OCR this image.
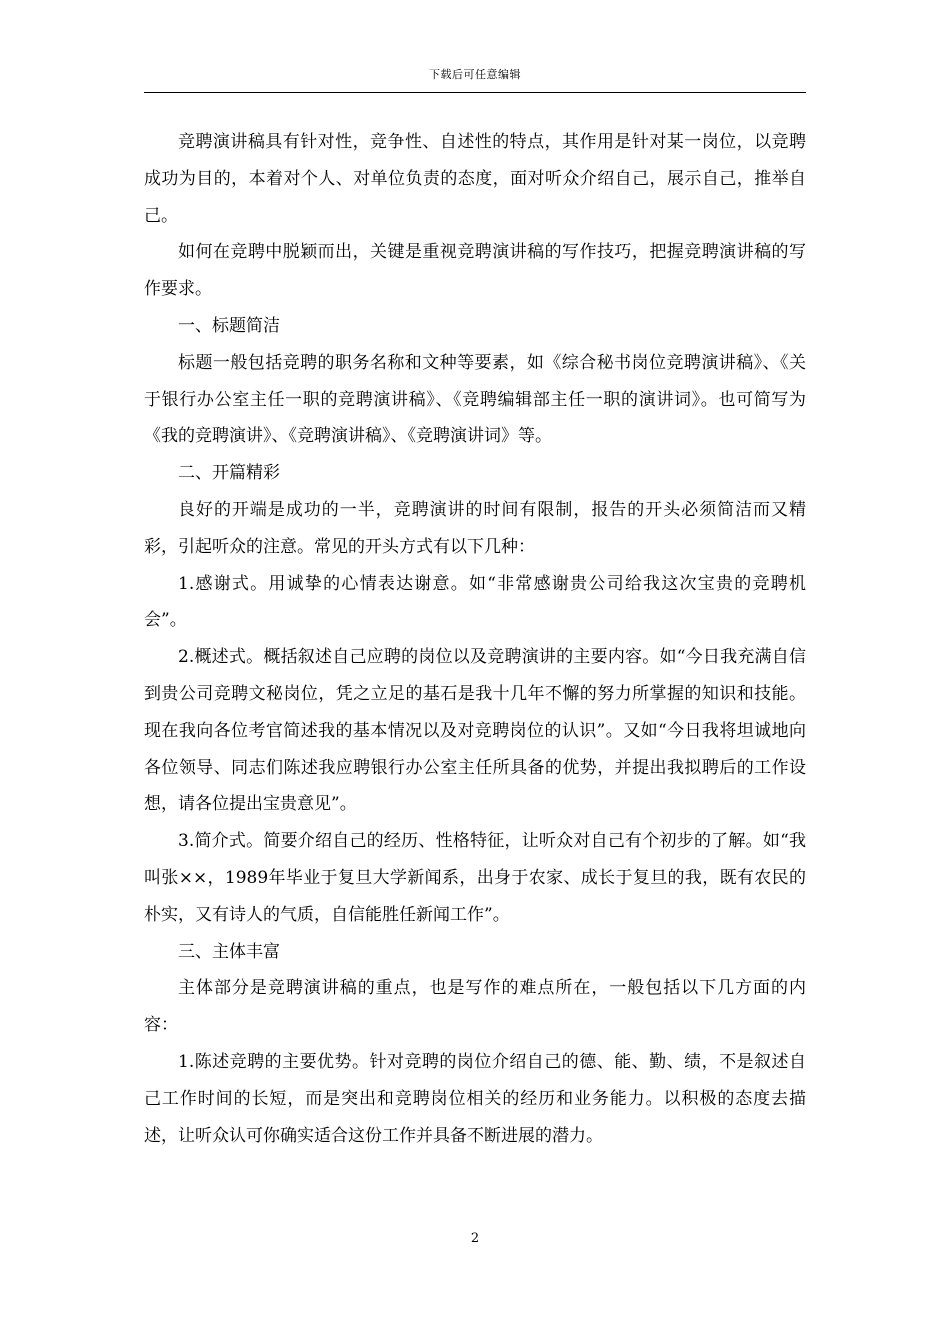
下载后可任意编辑

竞聘演讲稿具有针对性，竞争性、自述性的特点，其作用是针对某一岗位，以竞聘成功为目的，本着对个人、对单位负责的态度，面对听众介绍自己，展示自己，推举自己。

如何在竞聘中脱颖而出，关键是重视竞聘演讲稿的写作技巧，把握竞聘演讲稿的写作要求。

一、标题简洁

标题一般包括竞聘的职务名称和文种等要素，如《综合秘书岗位竞聘演讲稿》、《关于银行办公室主任一职的竞聘演讲稿》、《竞聘编辑部主任一职的演讲词》。也可简写为《我的竞聘演讲》、《竞聘演讲稿》、《竞聘演讲词》等。

二、开篇精彩

良好的开端是成功的一半，竞聘演讲的时间有限制，报告的开头必须简洁而又精彩，引起听众的注意。常见的开头方式有以下几种：

1.感谢式。用诚挚的心情表达谢意。如“非常感谢贵公司给我这次宝贵的竞聘机会”。

2.概述式。概括叙述自己应聘的岗位以及竞聘演讲的主要内容。如“今日我充满自信到贵公司竞聘文秘岗位，凭之立足的基石是我十几年不懈的努力所掌握的知识和技能。现在我向各位考官简述我的基本情况以及对竞聘岗位的认识”。又如“今日我将坦诚地向各位领导、同志们陈述我应聘银行办公室主任所具备的优势，并提出我拟聘后的工作设想，请各位提出宝贵意见”。

3.简介式。简要介绍自己的经历、性格特征，让听众对自己有个初步的了解。如“我叫张××，1989年毕业于复旦大学新闻系，出身于农家、成长于复旦的我，既有农民的朴实，又有诗人的气质，自信能胜任新闻工作”。

三、主体丰富

主体部分是竞聘演讲稿的重点，也是写作的难点所在，一般包括以下几方面的内容：

1.陈述竞聘的主要优势。针对竞聘的岗位介绍自己的德、能、勤、绩，不是叙述自己工作时间的长短，而是突出和竞聘岗位相关的经历和业务能力。以积极的态度去描述，让听众认可你确实适合这份工作并具备不断进展的潜力。

2
